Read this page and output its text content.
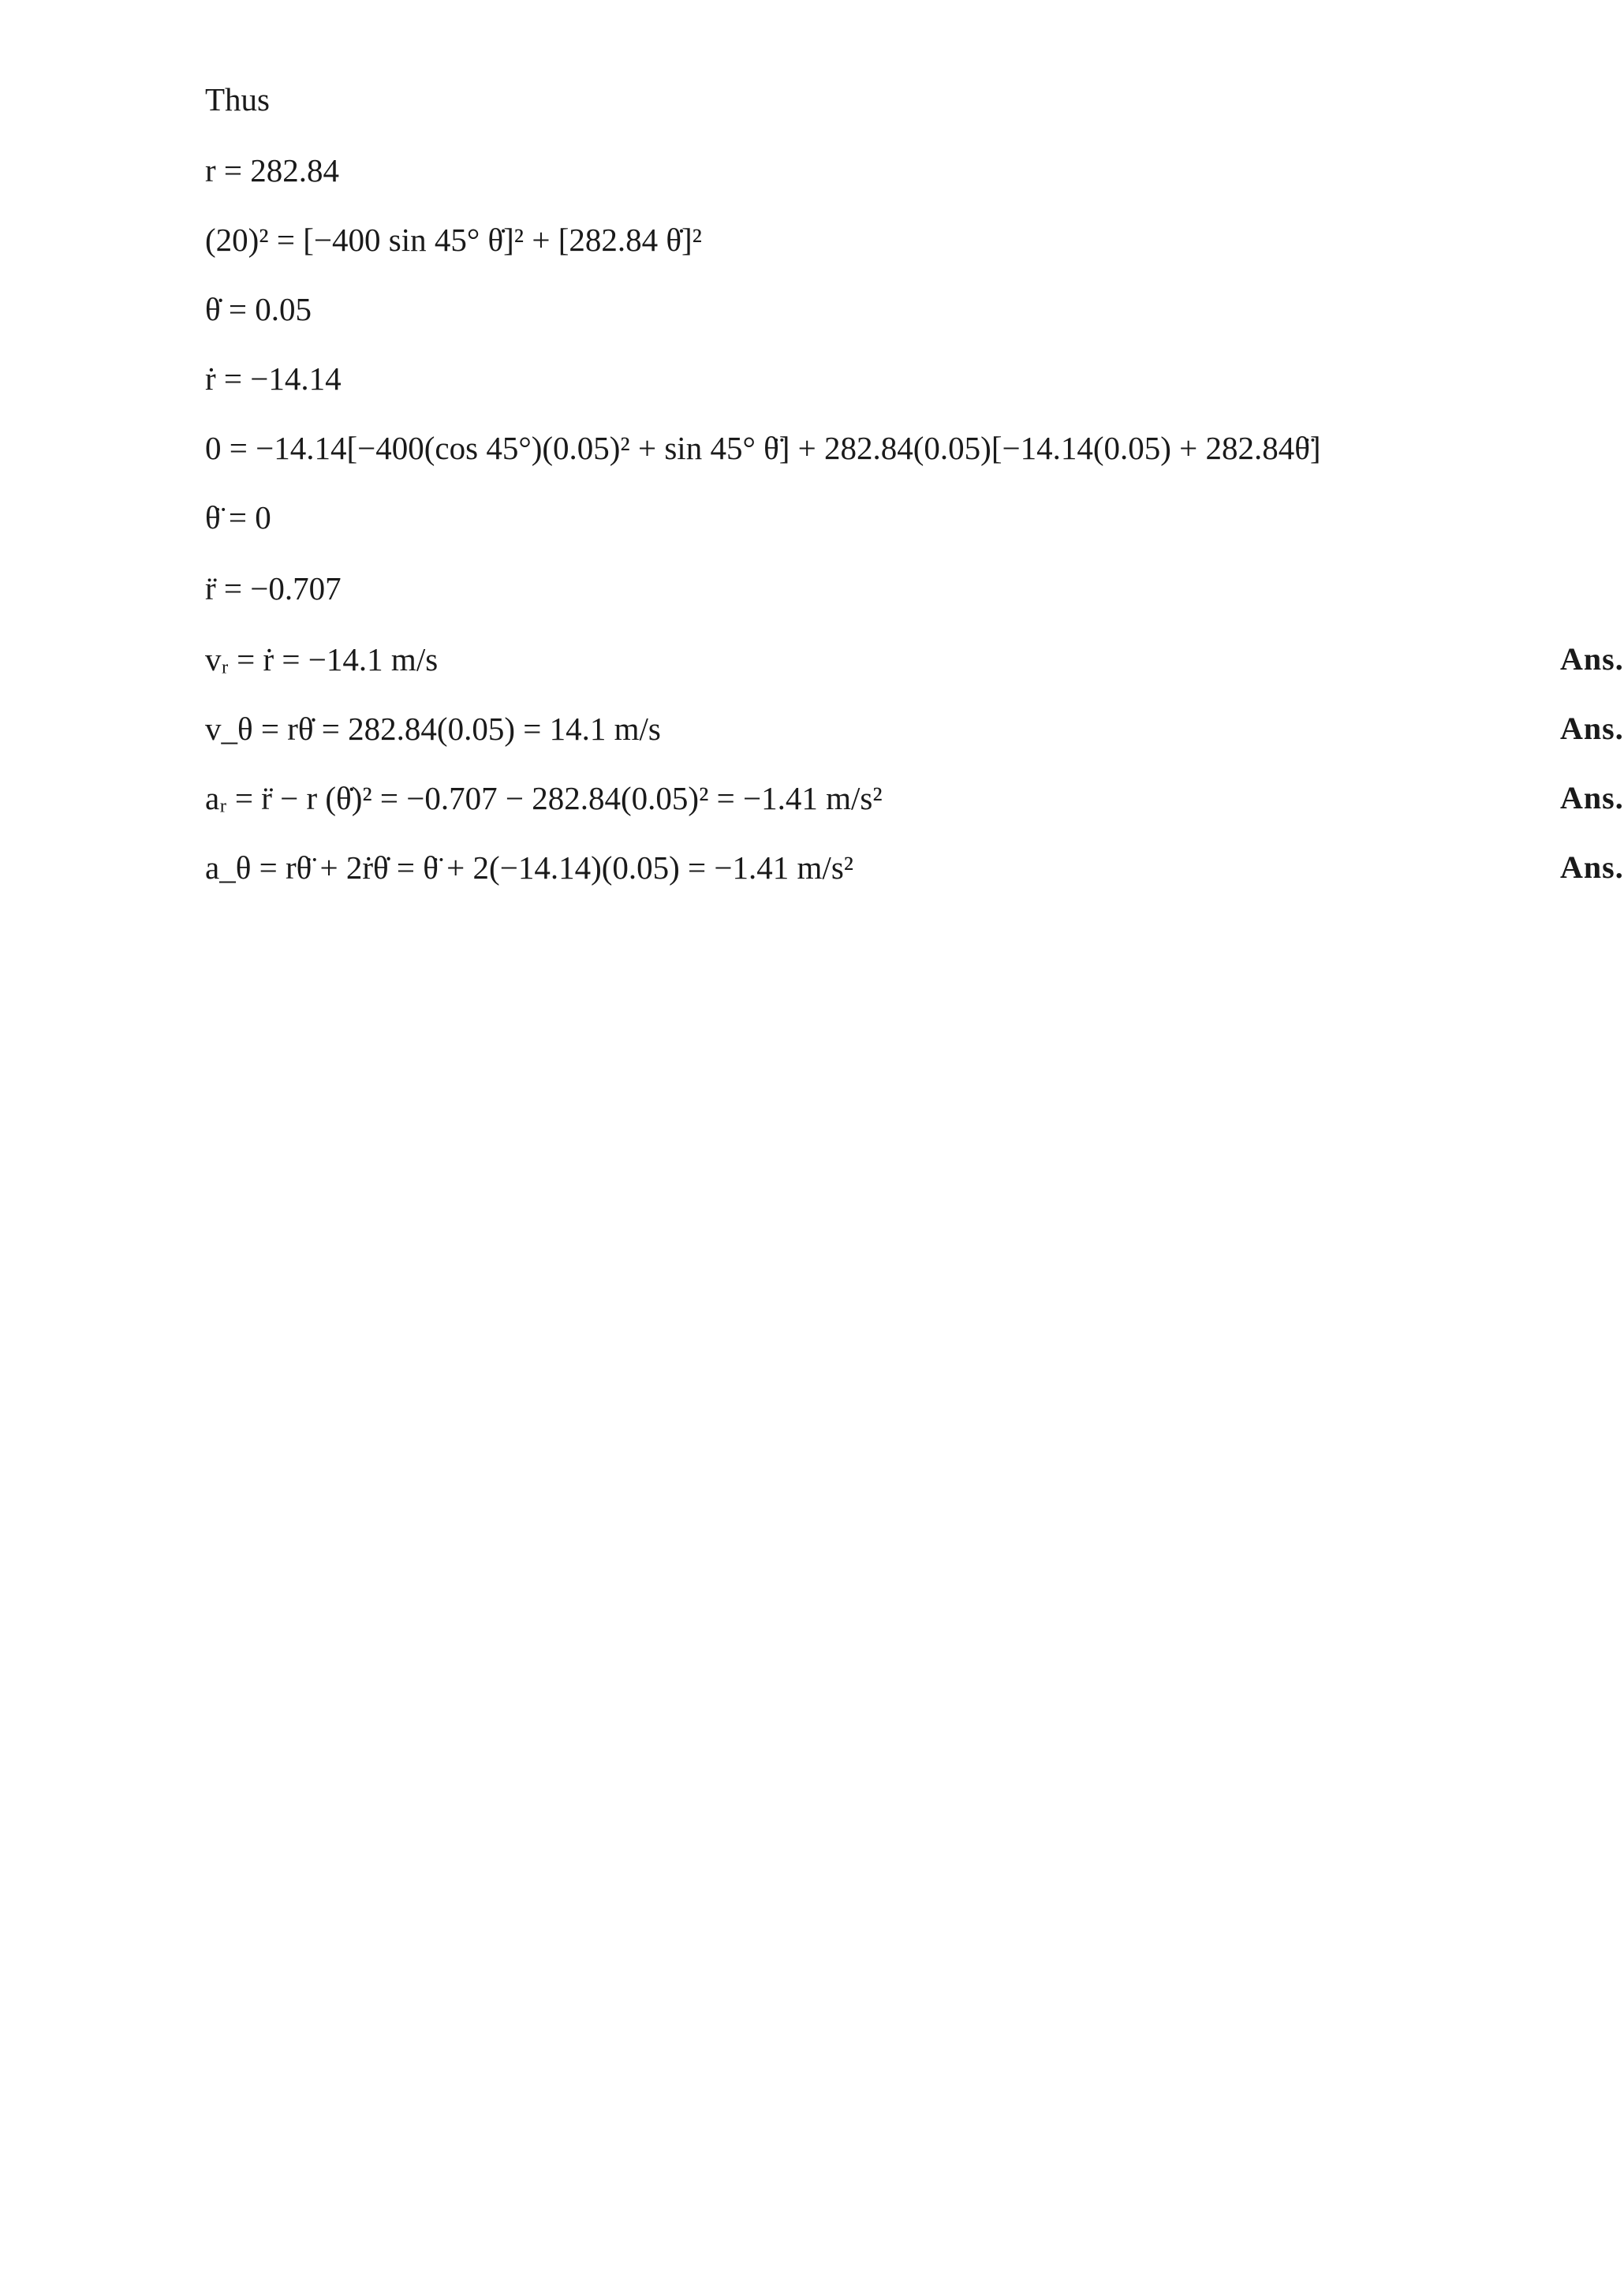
Thus
r = 282.84
(20)² = [−400 sin 45° θ̇]² + [282.84 θ̇]²
θ̇ = 0.05
ṙ = −14.14
0 = −14.14[−400(cos 45°)(0.05)² + sin 45° θ̈] + 282.84(0.05)[−14.14(0.05) + 282.84θ̈]
θ̈ = 0
r̈ = −0.707
vᵣ = ṙ = −14.1 m/s	Ans.
v_θ = rθ̇ = 282.84(0.05) = 14.1 m/s	Ans.
aᵣ = r̈ − r (θ̇)² = −0.707 − 282.84(0.05)² = −1.41 m/s²	Ans.
a_θ = rθ̈ + 2ṙθ̇ = θ̈ + 2(−14.14)(0.05) = −1.41 m/s²	Ans.
